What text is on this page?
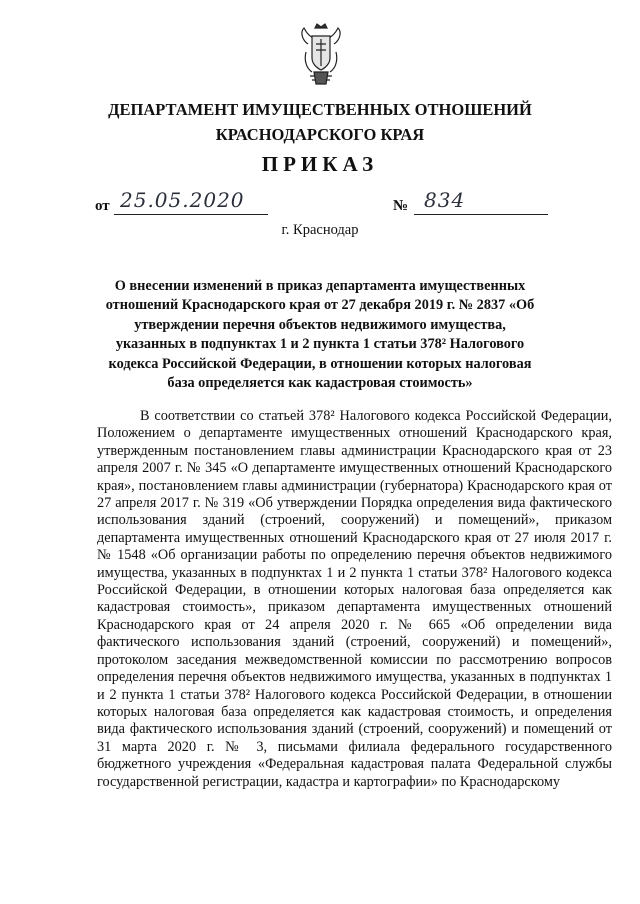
ДЕПАРТАМЕНТ ИМУЩЕСТВЕННЫХ ОТНОШЕНИЙ
КРАСНОДАРСКОГО КРАЯ
ПРИКАЗ
от 25.05.2020	№ 834
г. Краснодар
О внесении изменений в приказ департамента имущественных отношений Краснодарского края от 27 декабря 2019 г. № 2837 «Об утверждении перечня объектов недвижимого имущества, указанных в подпунктах 1 и 2 пункта 1 статьи 378² Налогового кодекса Российской Федерации, в отношении которых налоговая база определяется как кадастровая стоимость»
В соответствии со статьей 378² Налогового кодекса Российской Федерации, Положением о департаменте имущественных отношений Краснодарского края, утвержденным постановлением главы администрации Краснодарского края от 23 апреля 2007 г. № 345 «О департаменте имущественных отношений Краснодарского края», постановлением главы администрации (губернатора) Краснодарского края от 27 апреля 2017 г. № 319 «Об утверждении Порядка определения вида фактического использования зданий (строений, сооружений) и помещений», приказом департамента имущественных отношений Краснодарского края от 27 июля 2017 г. № 1548 «Об организации работы по определению перечня объектов недвижимого имущества, указанных в подпунктах 1 и 2 пункта 1 статьи 378² Налогового кодекса Российской Федерации, в отношении которых налоговая база определяется как кадастровая стоимость», приказом департамента имущественных отношений Краснодарского края от 24 апреля 2020 г. № 665 «Об определении вида фактического использования зданий (строений, сооружений) и помещений», протоколом заседания межведомственной комиссии по рассмотрению вопросов определения перечня объектов недвижимого имущества, указанных в подпунктах 1 и 2 пункта 1 статьи 378² Налогового кодекса Российской Федерации, в отношении которых налоговая база определяется как кадастровая стоимость, и определения вида фактического использования зданий (строений, сооружений) и помещений от 31 марта 2020 г. № 3, письмами филиала федерального государственного бюджетного учреждения «Федеральная кадастровая палата Федеральной службы государственной регистрации, кадастра и картографии» по Краснодарскому
